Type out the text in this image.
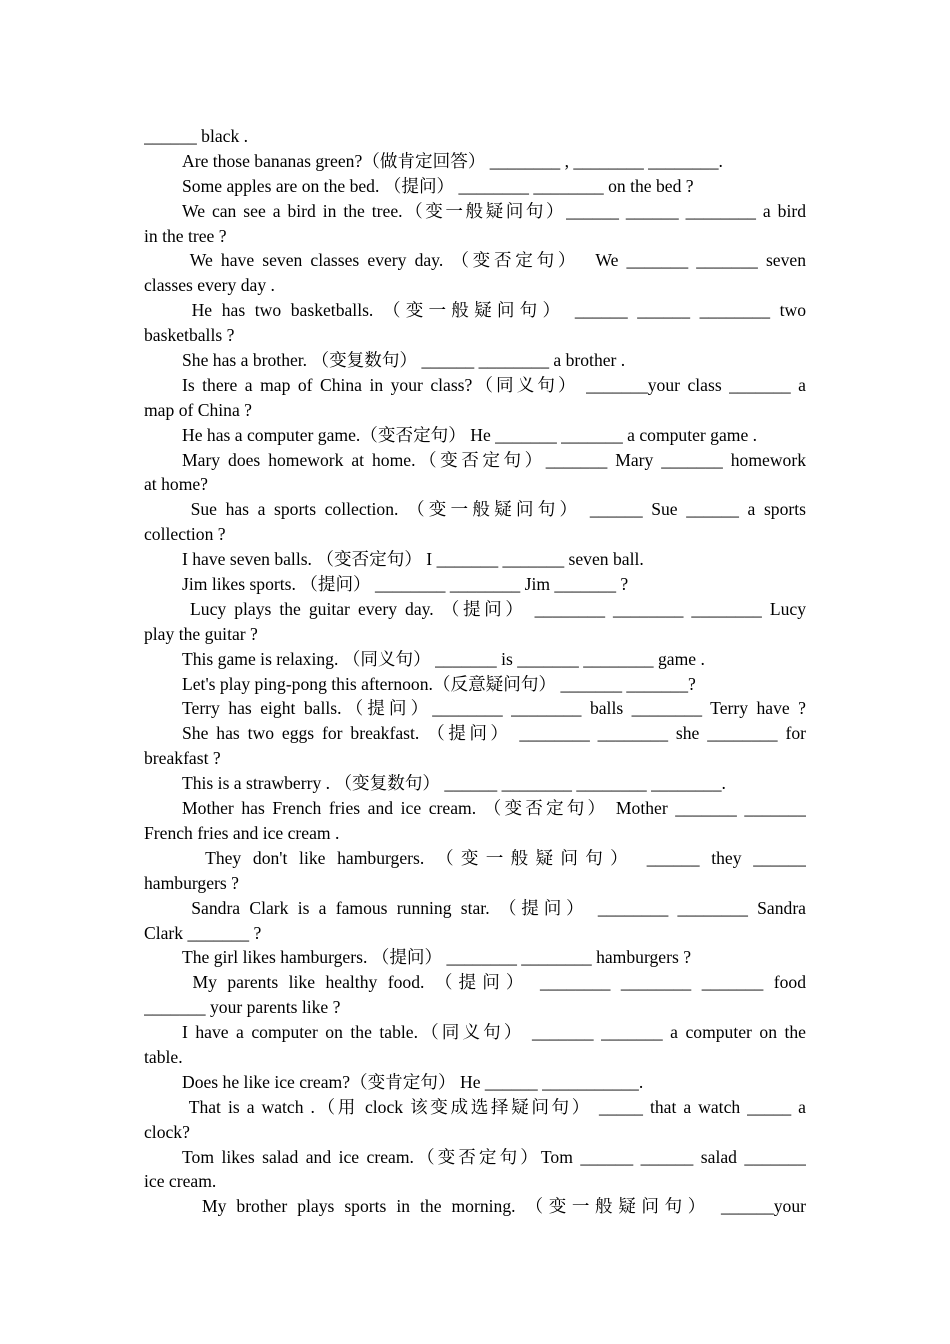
______ black .
Are those bananas green?（做肯定回答） ________ , ________ ________.
Some apples are on the bed. （提问） ________ ________ on the bed ?
We can see a bird in the tree.（变一般疑问句）______ ______ ________ a bird
in the tree ?
We have seven classes every day. （变否定句）  We _______ _______ seven
classes every day .
He has two basketballs. （变一般疑问句） ______ ______ ________ two
basketballs ?
She has a brother. （变复数句） ______ ________ a brother .
Is there a map of China in your class?（同义句） _______your class _______ a
map of China ?
He has a computer game.（变否定句） He _______ _______ a computer game .
Mary does homework at home.（变否定句）_______ Mary _______ homework
at home?
Sue has a sports collection. （变一般疑问句） ______ Sue ______ a sports
collection ?
I have seven balls. （变否定句） I _______ _______ seven ball.
Jim likes sports. （提问） ________ ________ Jim _______ ?
Lucy plays the guitar every day. （提问） ________ ________ ________ Lucy
play the guitar ?
This game is relaxing. （同义句） _______ is _______ ________ game .
Let's play ping-pong this afternoon.（反意疑问句） _______ _______?
Terry has eight balls.（提问）________ ________ balls ________ Terry have ?
She has two eggs for breakfast. （提问） ________ ________ she ________ for
breakfast ?
This is a strawberry . （变复数句） ______ ________ ________ ________.
Mother has French fries and ice cream. （变否定句） Mother _______ _______
French fries and ice cream .
They don't like hamburgers. （变一般疑问句） ______ they ______
hamburgers ?
Sandra Clark is a famous running star. （提问） ________ ________ Sandra
Clark _______ ?
The girl likes hamburgers. （提问） ________ ________ hamburgers ?
My parents like healthy food. （提问） ________ ________ _______ food
_______ your parents like ?
I have a computer on the table.（同义句） _______ _______ a computer on the
table.
Does he like ice cream?（变肯定句） He ______ ___________.
That is a watch .（用 clock 该变成选择疑问句） _____ that a watch _____ a
clock?
Tom likes salad and ice cream.（变否定句）Tom ______ ______ salad _______
ice cream.
My brother plays sports in the morning. （变一般疑问句） ______your
